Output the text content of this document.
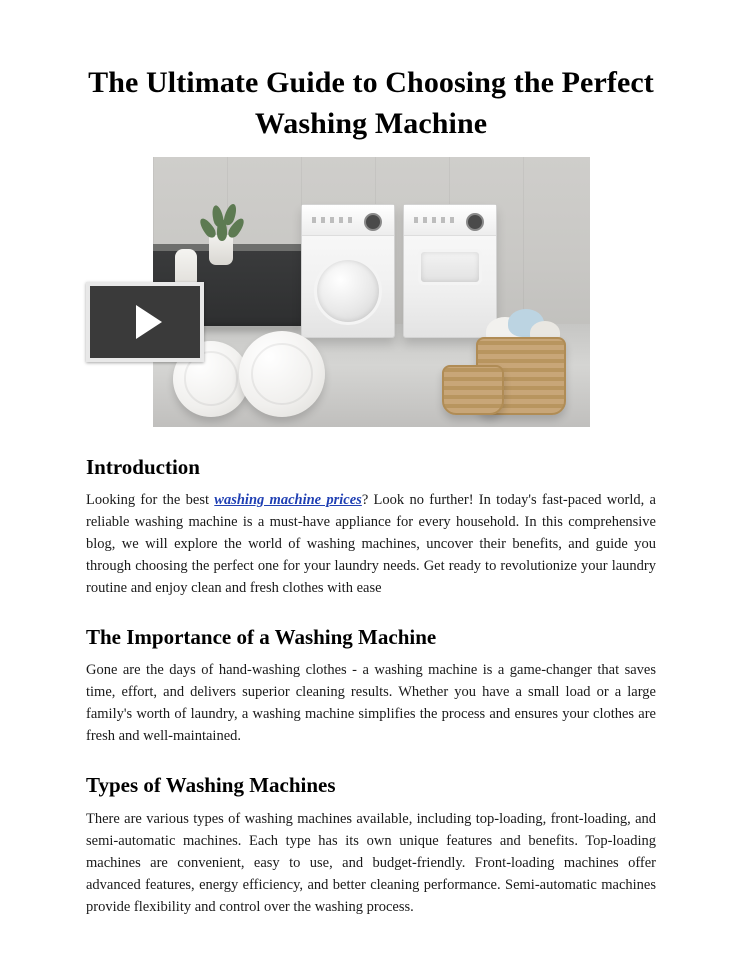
The Ultimate Guide to Choosing the Perfect Washing Machine
Introduction

Looking for the best washing machine prices? Look no further! In today's fast-paced world, a reliable washing machine is a must-have appliance for every household. In this comprehensive blog, we will explore the world of washing machines, uncover their benefits, and guide you through choosing the perfect one for your laundry needs. Get ready to revolutionize your laundry routine and enjoy clean and fresh clothes with ease

The Importance of a Washing Machine

Gone are the days of hand-washing clothes - a washing machine is a game-changer that saves time, effort, and delivers superior cleaning results. Whether you have a small load or a large family's worth of laundry, a washing machine simplifies the process and ensures your clothes are fresh and well-maintained.

Types of Washing Machines

There are various types of washing machines available, including top-loading, front-loading, and semi-automatic machines. Each type has its own unique features and benefits. Top-loading machines are convenient, easy to use, and budget-friendly. Front-loading machines offer advanced features, energy efficiency, and better cleaning performance. Semi-automatic machines provide flexibility and control over the washing process.
